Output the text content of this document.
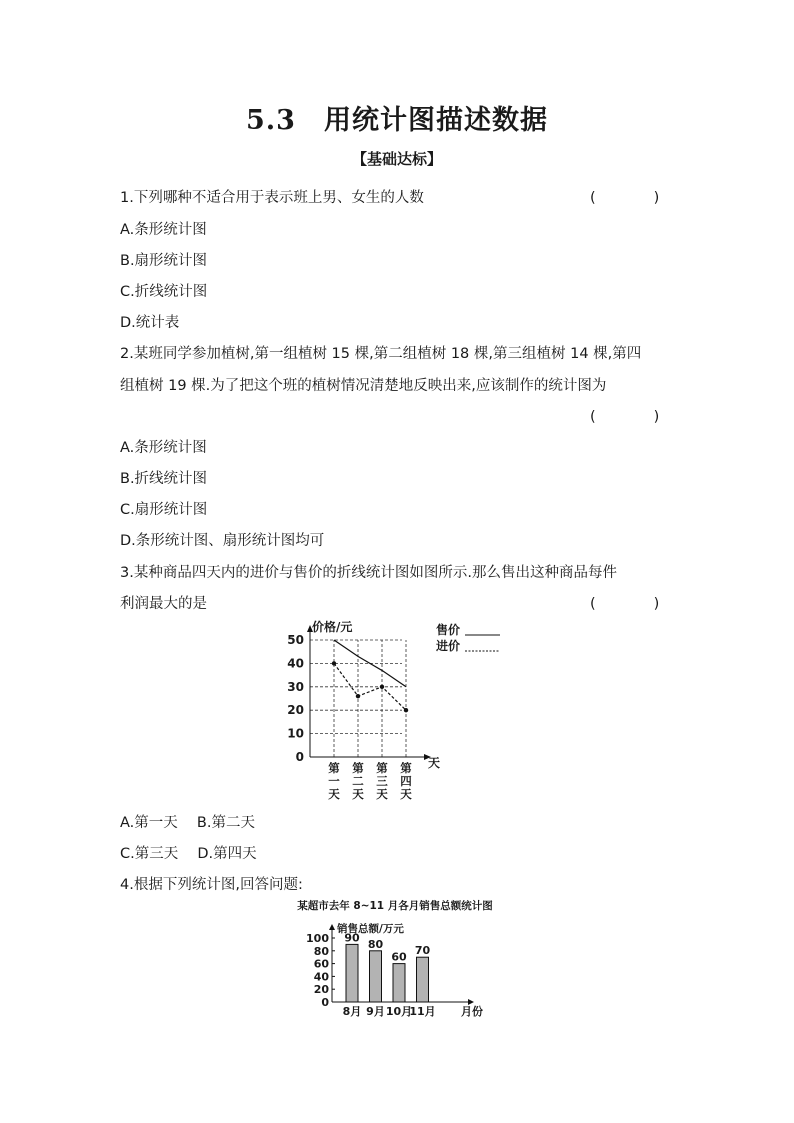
5.3　用统计图描述数据
【基础达标】
1.下列哪种不适合用于表示班上男、女生的人数	(　　　　)
A.条形统计图
B.扇形统计图
C.折线统计图
D.统计表
2.某班同学参加植树,第一组植树 15 棵,第二组植树 18 棵,第三组植树 14 棵,第四
组植树 19 棵.为了把这个班的植树情况清楚地反映出来,应该制作的统计图为
(　　　　)
A.条形统计图
B.折线统计图
C.扇形统计图
D.条形统计图、扇形统计图均可
3.某种商品四天内的进价与售价的折线统计图如图所示.那么售出这种商品每件
利润最大的是	(　　　　)
价格/元
天
0
10
20
30
40
50
第
一
天
第
二
天
第
三
天
第
四
天
售价
进价
A.第一天　 B.第二天
C.第三天　 D.第四天
4.根据下列统计图,回答问题:
某超市去年 8~11 月各月销售总额统计图
销售总额/万元
月份
0
20
40
60
80
100 90
8月
80
9月
60
10月
70
11月
